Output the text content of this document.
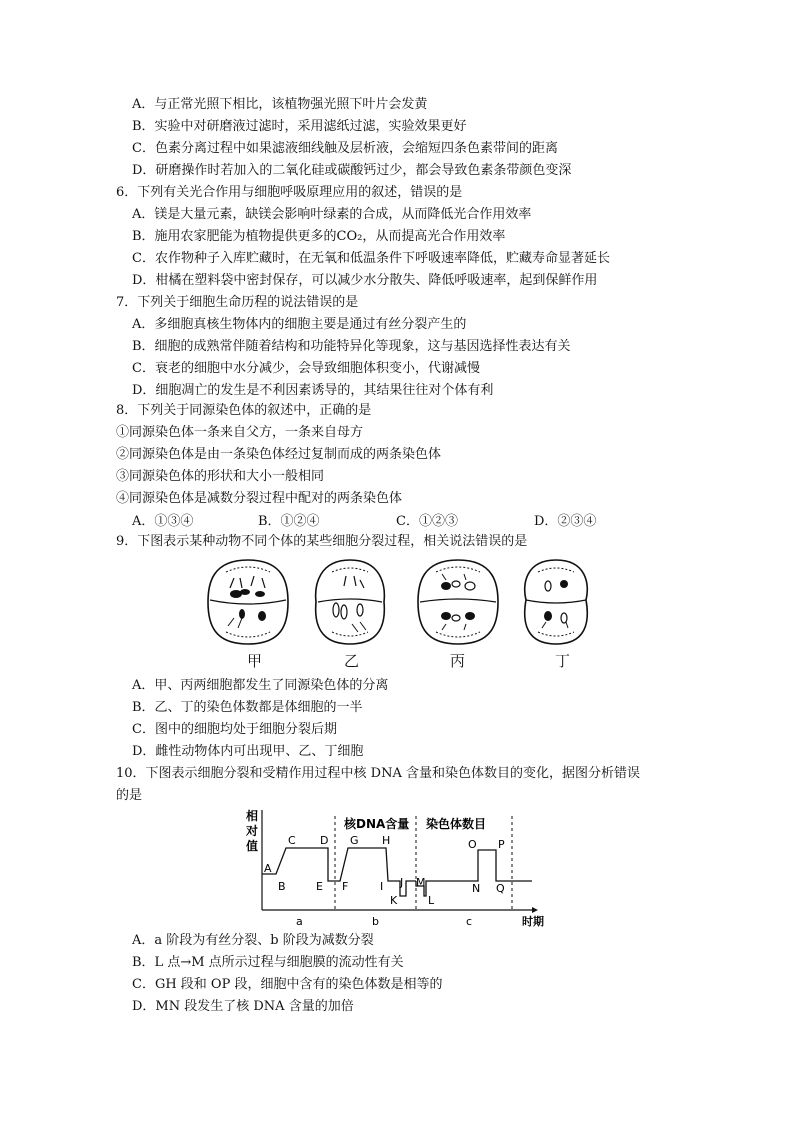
A．与正常光照下相比，该植物强光照下叶片会发黄
B．实验中对研磨液过滤时，采用滤纸过滤，实验效果更好
C．色素分离过程中如果滤液细线触及层析液，会缩短四条色素带间的距离
D．研磨操作时若加入的二氧化硅或碳酸钙过少，都会导致色素条带颜色变深
6．下列有关光合作用与细胞呼吸原理应用的叙述，错误的是
A．镁是大量元素，缺镁会影响叶绿素的合成，从而降低光合作用效率
B．施用农家肥能为植物提供更多的CO₂，从而提高光合作用效率
C．农作物种子入库贮藏时，在无氧和低温条件下呼吸速率降低，贮藏寿命显著延长
D．柑橘在塑料袋中密封保存，可以减少水分散失、降低呼吸速率，起到保鲜作用
7．下列关于细胞生命历程的说法错误的是
A．多细胞真核生物体内的细胞主要是通过有丝分裂产生的
B．细胞的成熟常伴随着结构和功能特异化等现象，这与基因选择性表达有关
C．衰老的细胞中水分减少，会导致细胞体积变小，代谢减慢
D．细胞凋亡的发生是不利因素诱导的，其结果往往对个体有利
8．下列关于同源染色体的叙述中，正确的是
①同源染色体一条来自父方，一条来自母方
②同源染色体是由一条染色体经过复制而成的两条染色体
③同源染色体的形状和大小一般相同
④同源染色体是减数分裂过程中配对的两条染色体
A．①③④	B．①②④	C．①②③	D．②③④
9．下图表示某种动物不同个体的某些细胞分裂过程，相关说法错误的是
甲	乙	丙	丁
A．甲、丙两细胞都发生了同源染色体的分离
B．乙、丁的染色体数都是体细胞的一半
C．图中的细胞均处于细胞分裂后期
D．雌性动物体内可出现甲、乙、丁细胞
10．下图表示细胞分裂和受精作用过程中核 DNA 含量和染色体数目的变化，据图分析错误
的是
相
对
值
核DNA含量 染色体数目
a	b	c	时期
A
B
C D
E F
G H
I J
K	L
M	N
O P
Q
A．a 阶段为有丝分裂、b 阶段为减数分裂
B．L 点→M 点所示过程与细胞膜的流动性有关
C．GH 段和 OP 段，细胞中含有的染色体数是相等的
D．MN 段发生了核 DNA 含量的加倍
